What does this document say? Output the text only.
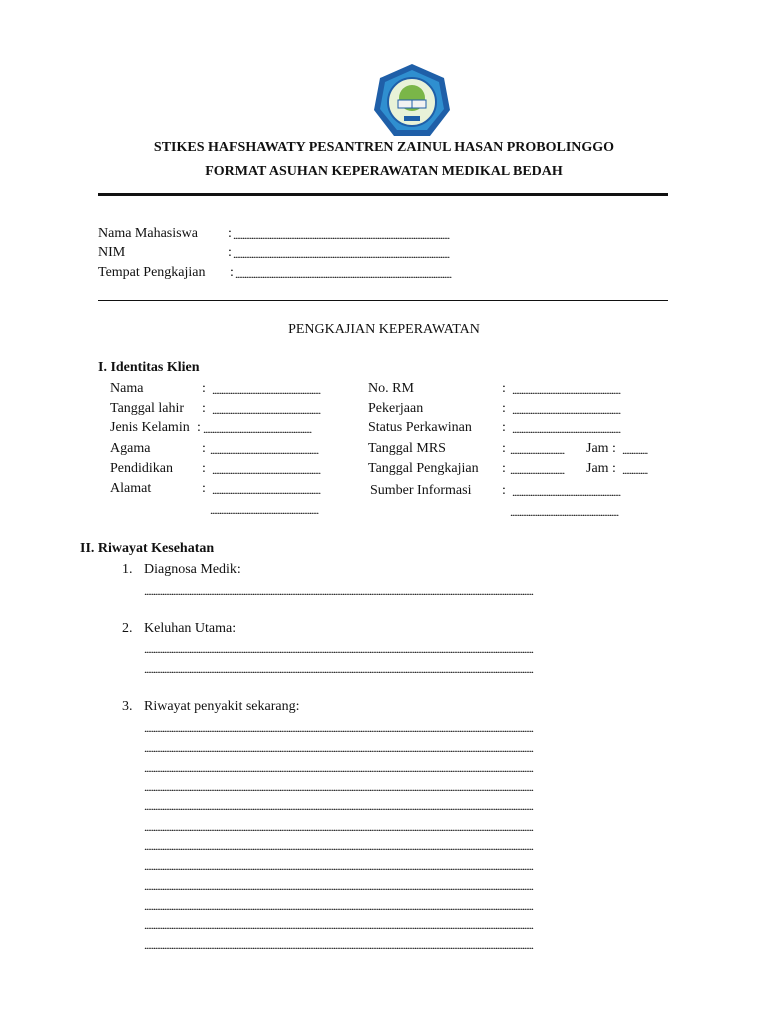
STIKES HAFSHAWATY PESANTREN ZAINUL HASAN PROBOLINGGO
FORMAT ASUHAN KEPERAWATAN MEDIKAL BEDAH
Nama Mahasiswa : ........................................................................................................................
NIM	: ........................................................................................................................
Tempat Pengkajian : ........................................................................................................................
PENGKAJIAN KEPERAWATAN
I. Identitas Klien
Nama	: ............................................................
Tanggal lahir : ............................................................
Jenis Kelamin : ............................................................
Agama	: ............................................................
Pendidikan : ............................................................
Alamat	: ............................................................
............................................................
No. RM	: ............................................................
Pekerjaan	: ............................................................
Status Perkawinan : ............................................................
Tanggal MRS	: ..............................	Jam : ..............
Tanggal Pengkajian : ..............................	Jam : ..............
Sumber Informasi : ............................................................
............................................................
II. Riwayat Kesehatan
1. Diagnosa Medik:
........................................................................................................................................................................................................................
2. Keluhan Utama:
........................................................................................................................................................................................................................
........................................................................................................................................................................................................................
3. Riwayat penyakit sekarang:
........................................................................................................................................................................................................................
........................................................................................................................................................................................................................
........................................................................................................................................................................................................................
........................................................................................................................................................................................................................
........................................................................................................................................................................................................................
........................................................................................................................................................................................................................
........................................................................................................................................................................................................................
........................................................................................................................................................................................................................
........................................................................................................................................................................................................................
........................................................................................................................................................................................................................
........................................................................................................................................................................................................................
........................................................................................................................................................................................................................
